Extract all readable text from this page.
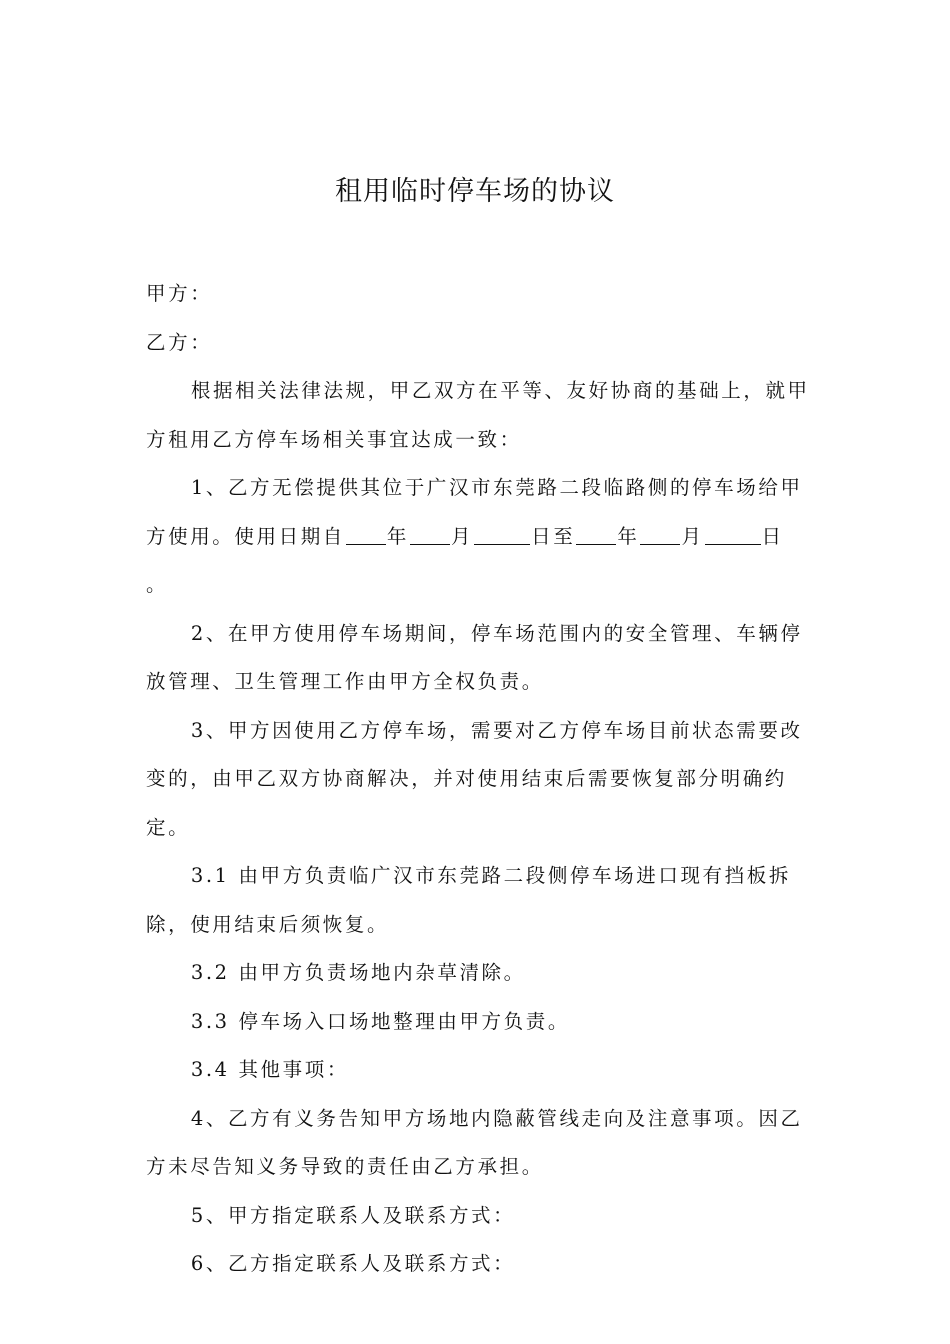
租用临时停车场的协议

甲方：

乙方：

根据相关法律法规，甲乙双方在平等、友好协商的基础上，就甲方租用乙方停车场相关事宜达成一致：

1、乙方无偿提供其位于广汉市东莞路二段临路侧的停车场给甲方使用。使用日期自 年 月	日至 年 月	日 。

2、在甲方使用停车场期间，停车场范围内的安全管理、车辆停放管理、卫生管理工作由甲方全权负责。

3、甲方因使用乙方停车场，需要对乙方停车场目前状态需要改变的，由甲乙双方协商解决，并对使用结束后需要恢复部分明确约定。

3.1 由甲方负责临广汉市东莞路二段侧停车场进口现有挡板拆除，使用结束后须恢复。

3.2 由甲方负责场地内杂草清除。

3.3 停车场入口场地整理由甲方负责。

3.4 其他事项：

4、乙方有义务告知甲方场地内隐蔽管线走向及注意事项。因乙方未尽告知义务导致的责任由乙方承担。

5、甲方指定联系人及联系方式：

6、乙方指定联系人及联系方式：
